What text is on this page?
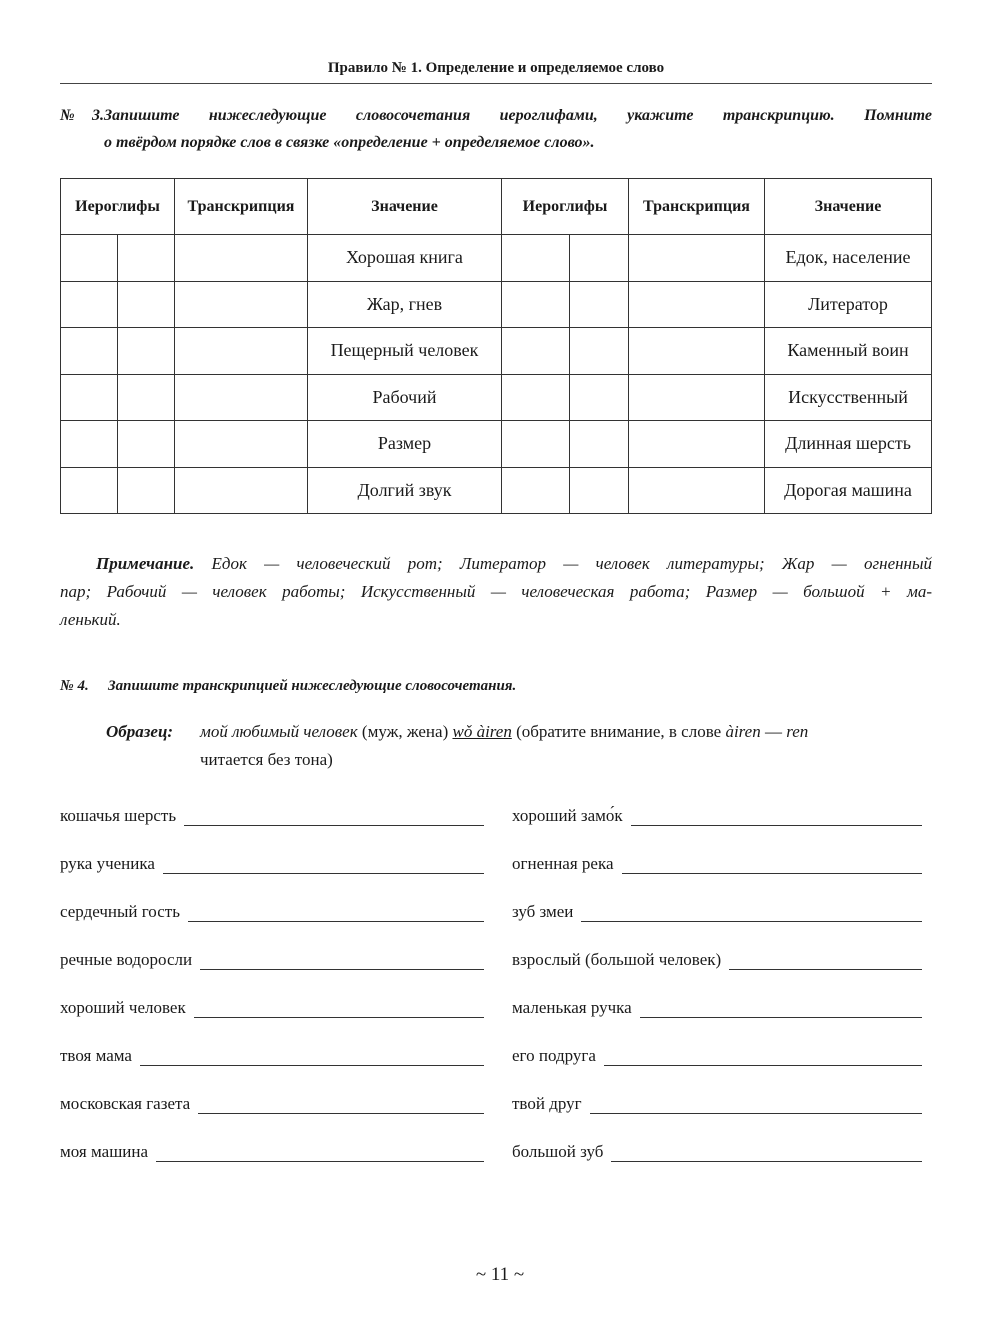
Правило № 1. Определение и определяемое слово
№ 3.Запишите нижеследующие словосочетания иероглифами, укажите транскрипцию. Помните
о твёрдом порядке слов в связке «определение + определяемое слово».
Иероглифы		Транскрипция	Значение	Иероглифы		Транскрипция	Значение
			Хорошая книга				Едок, население
			Жар, гнев				Литератор
			Пещерный человек				Каменный воин
			Рабочий				Искусственный
			Размер				Длинная шерсть
			Долгий звук				Дорогая машина
Примечание. Едок — человеческий рот; Литератор — человек литературы; Жар — огненный
пар; Рабочий — человек работы; Искусственный — человеческая работа; Размер — большой + ма-
ленький.
№ 4. Запишите транскрипцией нижеследующие словосочетания.
Образец: мой любимый человек (муж, жена) wǒ àiren (обратите внимание, в слове àiren — ren
читается без тона)
кошачья шерсть
рука ученика
сердечный гость
речные водоросли
хороший человек
твоя мама
московская газета
моя машина
хороший замо́к
огненная река
зуб змеи
взрослый (большой человек)
маленькая ручка
его подруга
твой друг
большой зуб
~ 11 ~
